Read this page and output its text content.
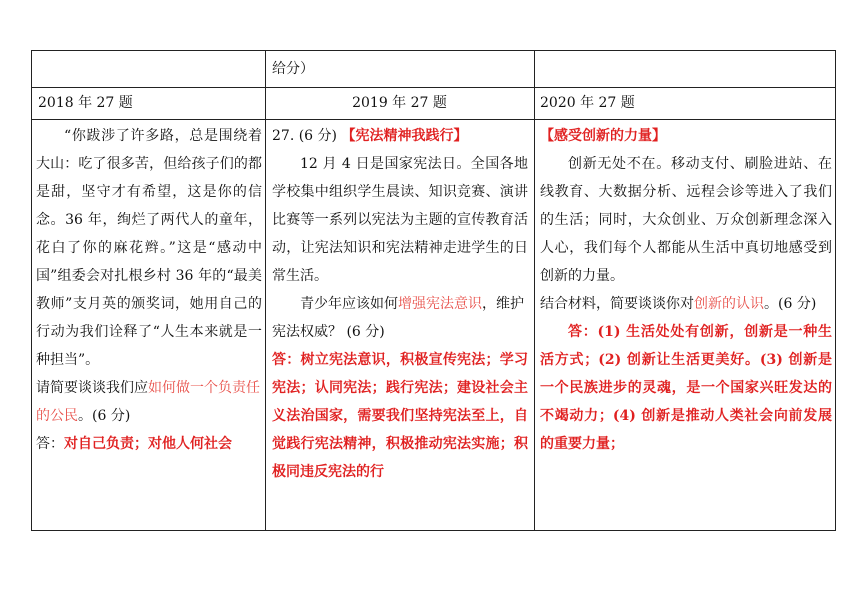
给分）
2018 年 27 题	2019 年 27 题	2020 年 27 题

“你跋涉了许多路，总是围绕着大山：吃了很多苦，但给孩子们的都是甜，坚守才有希望，这是你的信念。36 年，绚烂了两代人的童年，花白了你的麻花辫。”这是“感动中国”组委会对扎根乡村 36 年的“最美教师”支月英的颁奖词，她用自己的行动为我们诠释了“人生本来就是一种担当”。

请简要谈谈我们应如何做一个负责任的公民。(6 分)

答：对自己负责；对他人何社会

27. (6 分) 【宪法精神我践行】

12 月 4 日是国家宪法日。全国各地学校集中组织学生晨读、知识竞赛、演讲比赛等一系列以宪法为主题的宣传教育活动，让宪法知识和宪法精神走进学生的日常生活。

青少年应该如何增强宪法意识，维护宪法权威？ (6 分)

答：树立宪法意识，积极宣传宪法；学习宪法；认同宪法；践行宪法；建设社会主义法治国家，需要我们坚持宪法至上，自觉践行宪法精神，积极推动宪法实施；积极同违反宪法的行

【感受创新的力量】

创新无处不在。移动支付、刷脸进站、在线教育、大数据分析、远程会诊等进入了我们的生活；同时，大众创业、万众创新理念深入人心，我们每个人都能从生活中真切地感受到创新的力量。

结合材料，简要谈谈你对创新的认识。(6 分)

答：(1) 生活处处有创新，创新是一种生活方式；(2) 创新让生活更美好。(3) 创新是一个民族进步的灵魂，是一个国家兴旺发达的不竭动力；(4) 创新是推动人类社会向前发展的重要力量；
